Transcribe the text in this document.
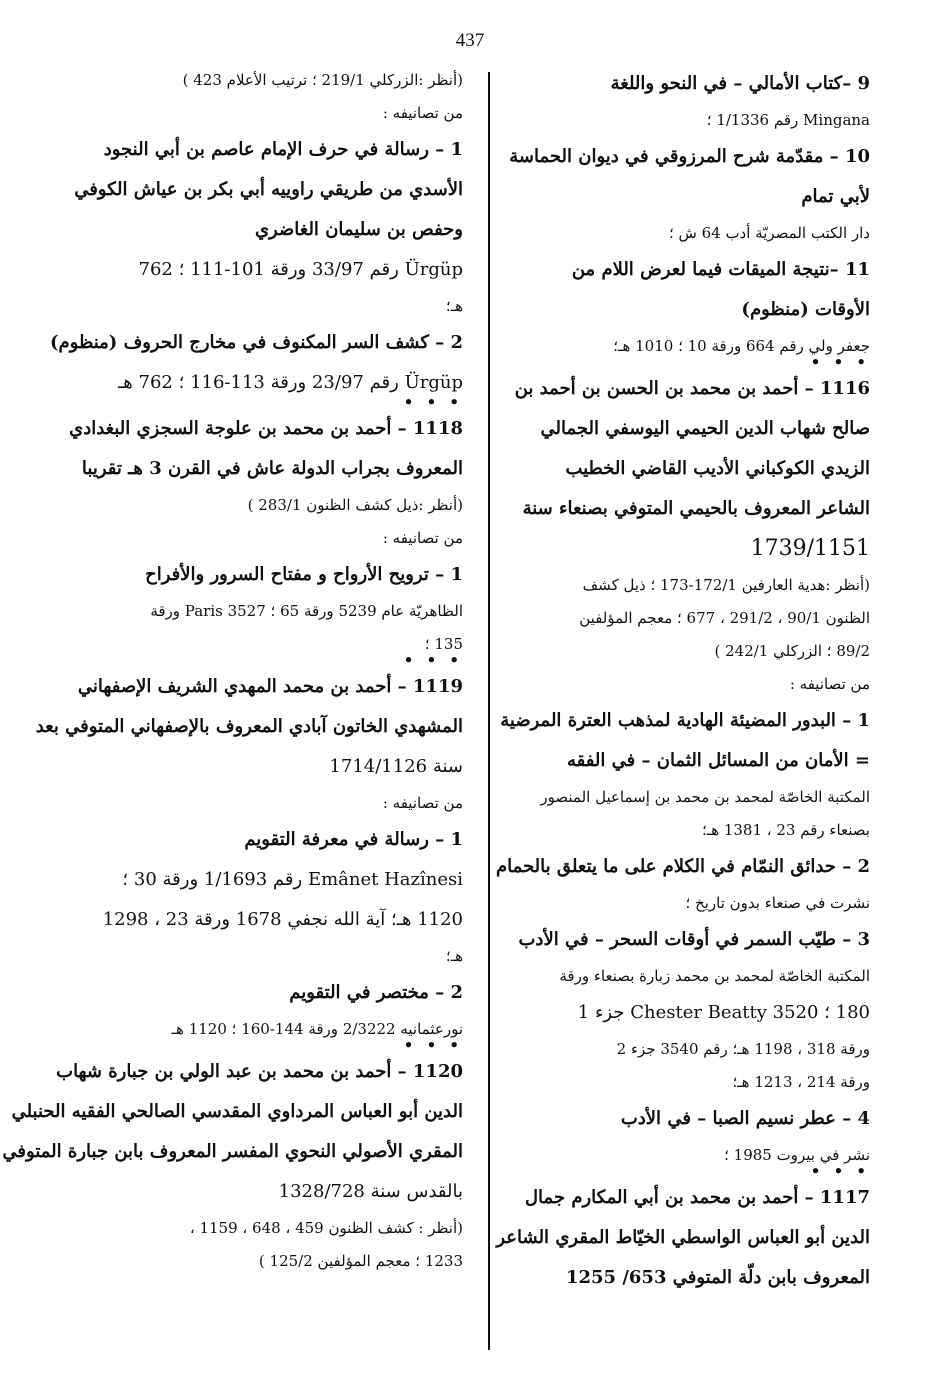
437
9 –كتاب الأمالي – في النحو واللغة
Mingana رقم 1/1336 ؛
10 – مقدّمة شرح المرزوقي في ديوان الحماسة
لأبي تمام
دار الكتب المصريّة أدب 64 ش ؛
11 –نتيجة الميقات فيما لعرض اللام من
الأوقات (منظوم)
جعفر ولي رقم 664 ورقة 10 ؛ 1010 هـ؛
• • •
1116 – أحمد بن محمد بن الحسن بن أحمد بن
صالح شهاب الدين الحيمي اليوسفي الجمالي
الزيدي الكوكباني الأديب القاضي الخطيب
الشاعر المعروف بالحيمي المتوفي بصنعاء سنة
1739/1151
(أنظر :هدية العارفين 172/1-173 ؛ ذيل كشف
الظنون 90/1 ، 291/2 ، 677 ؛ معجم المؤلفين
89/2 ؛ الزركلي 242/1 )
من تصانيفه :
1 – البدور المضيئة الهادية لمذهب العترة المرضية
= الأمان من المسائل الثمان – في الفقه
المكتبة الخاصّة لمحمد بن محمد بن إسماعيل المنصور
بصنعاء رقم 23 ، 1381 هـ؛
2 – حدائق النمّام في الكلام على ما يتعلق بالحمام
نشرت في صنعاء بدون تاريخ ؛
3 – طيّب السمر في أوقات السحر – في الأدب
المكتبة الخاصّة لمحمد بن محمد زبارة بصنعاء ورقة
180 ؛ Chester Beatty 3520 جزء 1
ورقة 318 ، 1198 هـ؛ رقم 3540 جزء 2
ورقة 214 ، 1213 هـ؛
4 – عطر نسيم الصبا – في الأدب
نشر في بيروت 1985 ؛
• • •
1117 – أحمد بن محمد بن أبي المكارم جمال
الدين أبو العباس الواسطي الخيّاط المقري الشاعر
المعروف بابن دلّة المتوفي 653/ 1255
(أنظر :الزركلي 219/1 ؛ ترتيب الأعلام 423 )
من تصانيفه :
1 – رسالة في حرف الإمام عاصم بن أبي النجود
الأسدي من طريقي راوييه أبي بكر بن عياش الكوفي
وحفص بن سليمان الغاضري
Ürgüp رقم 33/97 ورقة 101-111 ؛ 762
هـ؛
2 – كشف السر المكنوف في مخارج الحروف (منظوم)
Ürgüp رقم 23/97 ورقة 113-116 ؛ 762 هـ
• • •
1118 – أحمد بن محمد بن علوجة السجزي البغدادي
المعروف بجراب الدولة عاش في القرن 3 هـ تقريبا
(أنظر :ذيل كشف الظنون 283/1 )
من تصانيفه :
1 – ترويح الأرواح و مفتاح السرور والأفراح
الظاهريّة عام 5239 ورقة 65 ؛ Paris 3527 ورقة
135 ؛
• • •
1119 – أحمد بن محمد المهدي الشريف الإصفهاني
المشهدي الخاتون آبادي المعروف بالإصفهاني المتوفي بعد
سنة 1714/1126
من تصانيفه :
1 – رسالة في معرفة التقويم
Emânet Hazînesi رقم 1/1693 ورقة 30 ؛
1120 هـ؛ آية الله نجفي 1678 ورقة 23 ، 1298
هـ؛
2 – مختصر في التقويم
نورعثمانيه 2/3222 ورقة 144-160 ؛ 1120 هـ
• • •
1120 – أحمد بن محمد بن عبد الولي بن جبارة شهاب
الدين أبو العباس المرداوي المقدسي الصالحي الفقيه الحنبلي
المقري الأصولي النحوي المفسر المعروف بابن جبارة المتوفي
بالقدس سنة 1328/728
(أنظر : كشف الظنون 459 ، 648 ، 1159 ،
1233 ؛ معجم المؤلفين 125/2 )
